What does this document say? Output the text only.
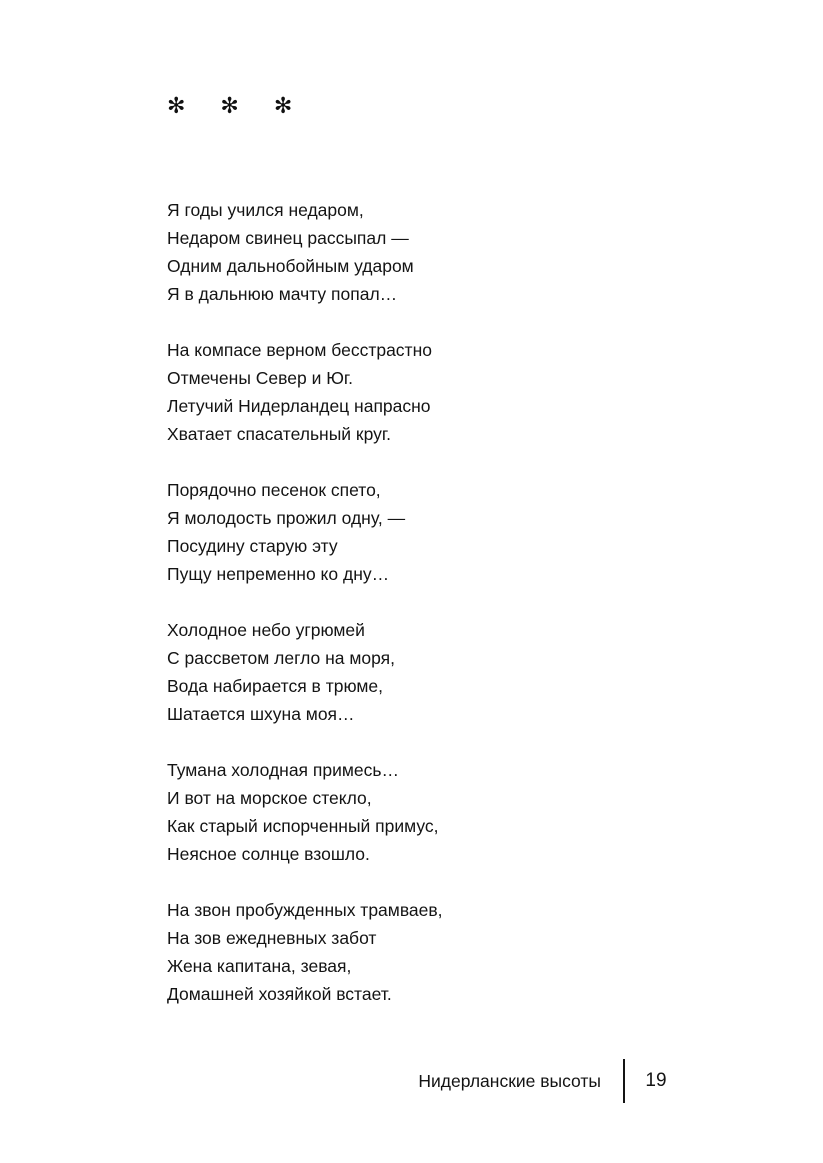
✻ ✻ ✻
Я годы учился недаром,
Недаром свинец рассыпал —
Одним дальнобойным ударом
Я в дальнюю мачту попал…
На компасе верном бесстрастно
Отмечены Север и Юг.
Летучий Нидерландец напрасно
Хватает спасательный круг.
Порядочно песенок спето,
Я молодость прожил одну, —
Посудину старую эту
Пущу непременно ко дну…
Холодное небо угрюмей
С рассветом легло на моря,
Вода набирается в трюме,
Шатается шхуна моя…
Тумана холодная примесь…
И вот на морское стекло,
Как старый испорченный примус,
Неясное солнце взошло.
На звон пробужденных трамваев,
На зов ежедневных забот
Жена капитана, зевая,
Домашней хозяйкой встает.
Нидерланские высоты	19
